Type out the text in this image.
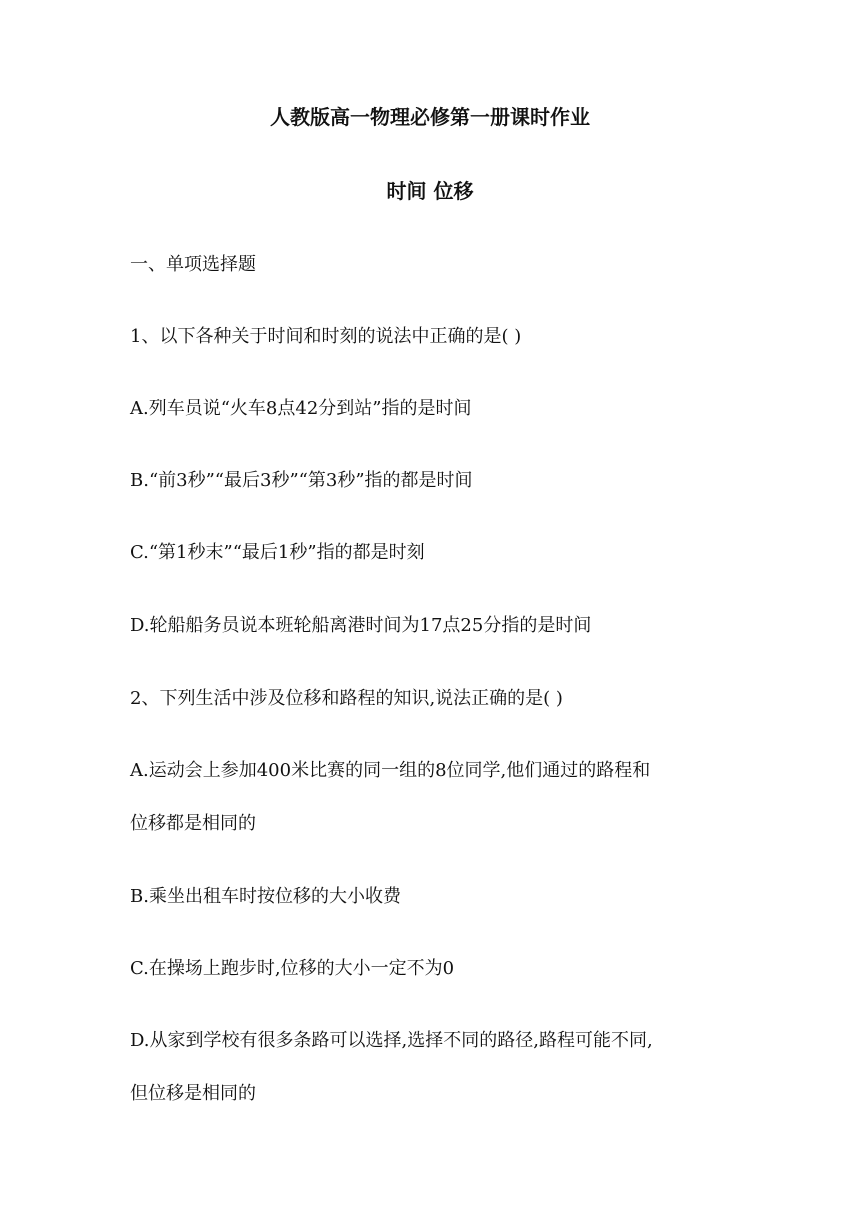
人教版高一物理必修第一册课时作业
时间 位移
一、单项选择题
1、以下各种关于时间和时刻的说法中正确的是( )
A.列车员说“火车8点42分到站”指的是时间
B.“前3秒”“最后3秒”“第3秒”指的都是时间
C.“第1秒末”“最后1秒”指的都是时刻
D.轮船船务员说本班轮船离港时间为17点25分指的是时间
2、下列生活中涉及位移和路程的知识,说法正确的是( )
A.运动会上参加400米比赛的同一组的8位同学,他们通过的路程和
位移都是相同的
B.乘坐出租车时按位移的大小收费
C.在操场上跑步时,位移的大小一定不为0
D.从家到学校有很多条路可以选择,选择不同的路径,路程可能不同,
但位移是相同的
